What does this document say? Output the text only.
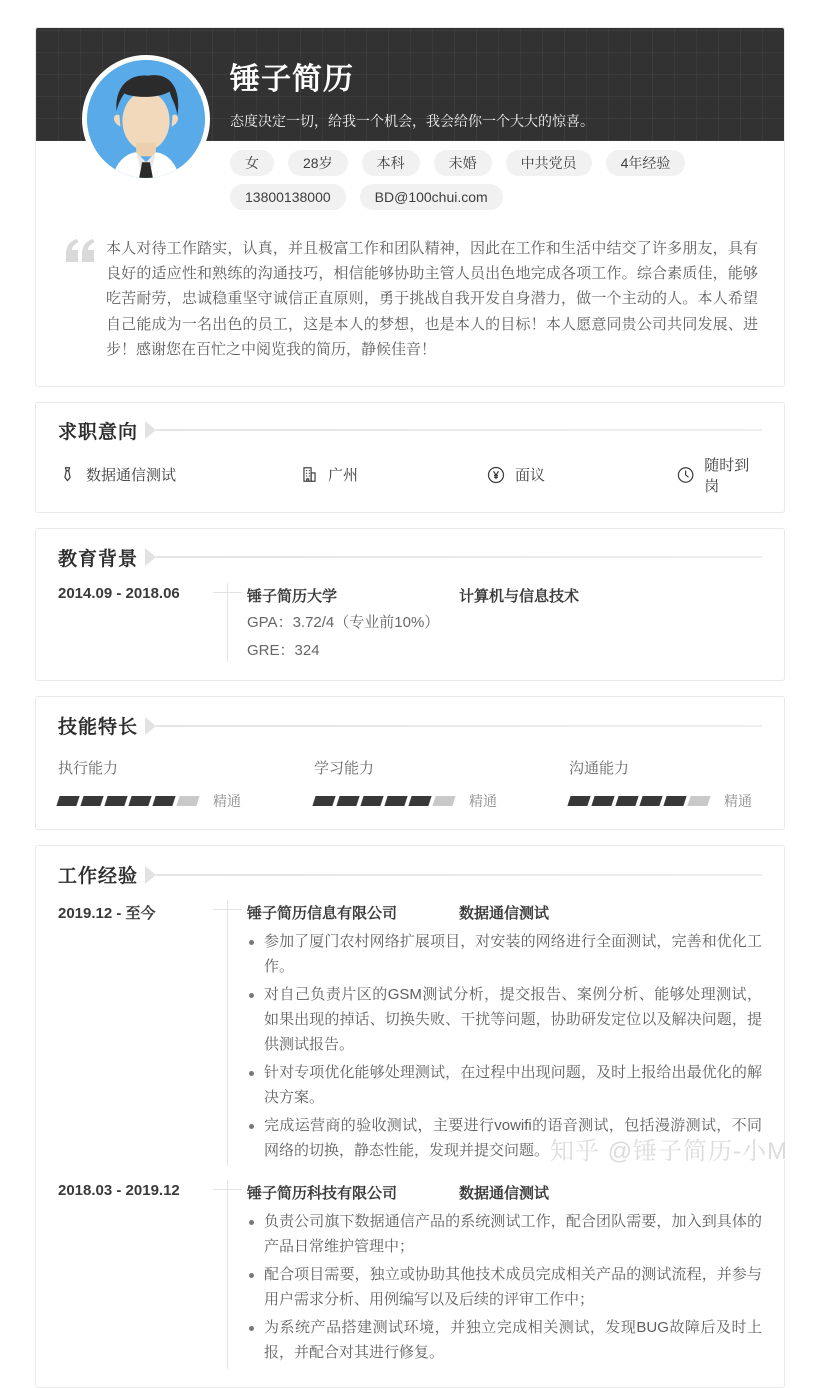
锤子简历
态度决定一切，给我一个机会，我会给你一个大大的惊喜。
女	28岁	本科	未婚	中共党员	4年经验
13800138000	BD@100chui.com
本人对待工作踏实，认真，并且极富工作和团队精神，因此在工作和生活中结交了许多朋友，具有良好的适应性和熟练的沟通技巧，相信能够协助主管人员出色地完成各项工作。综合素质佳，能够吃苦耐劳，忠诚稳重坚守诚信正直原则，勇于挑战自我开发自身潜力，做一个主动的人。本人希望自己能成为一名出色的员工，这是本人的梦想，也是本人的目标！本人愿意同贵公司共同发展、进步！感谢您在百忙之中阅览我的简历，静候佳音！
求职意向
数据通信测试	广州	面议
随时到岗
教育背景
2014.09 - 2018.06	锤子简历大学	计算机与信息技术
GPA：3.72/4（专业前10%）
GRE：324
技能特长
执行能力
精通
学习能力
精通
沟通能力
精通
工作经验
2019.12 - 至今	锤子简历信息有限公司	数据通信测试
参加了厦门农村网络扩展项目，对安装的网络进行全面测试，完善和优化工作。
对自己负责片区的GSM测试分析，提交报告、案例分析、能够处理测试，如果出现的掉话、切换失败、干扰等问题，协助研发定位以及解决问题，提供测试报告。
针对专项优化能够处理测试，在过程中出现问题，及时上报给出最优化的解决方案。
完成运营商的验收测试，主要进行vowifi的语音测试，包括漫游测试，不同网络的切换，静态性能，发现并提交问题。
2018.03 - 2019.12	锤子简历科技有限公司	数据通信测试
负责公司旗下数据通信产品的系统测试工作，配合团队需要，加入到具体的产品日常维护管理中；
配合项目需要，独立或协助其他技术成员完成相关产品的测试流程，并参与用户需求分析、用例编写以及后续的评审工作中；
为系统产品搭建测试环境，并独立完成相关测试，发现BUG故障后及时上报，并配合对其进行修复。
知乎 @锤子简历-小M
